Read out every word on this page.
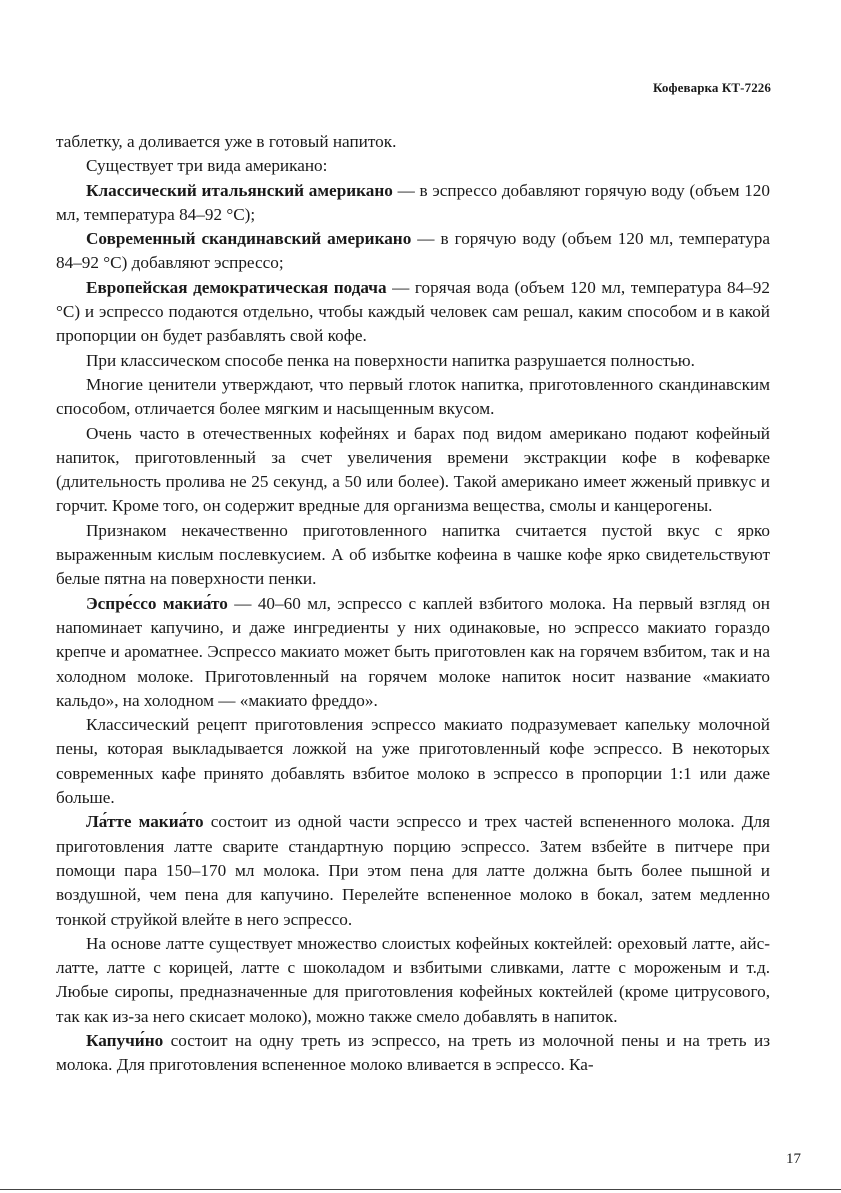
Кофеварка КТ-7226

таблетку, а доливается уже в готовый напиток.

Существует три вида американо:

Классический итальянский американо — в эспрессо добавляют горячую воду (объем 120 мл, температура 84–92 °С);

Современный скандинавский американо — в горячую воду (объем 120 мл, температура 84–92 °С) добавляют эспрессо;

Европейская демократическая подача — горячая вода (объем 120 мл, температура 84–92 °С) и эспрессо подаются отдельно, чтобы каждый человек сам решал, каким способом и в какой пропорции он будет разбавлять свой кофе.

При классическом способе пенка на поверхности напитка разрушается полностью.

Многие ценители утверждают, что первый глоток напитка, приготовленного скандинавским способом, отличается более мягким и насыщенным вкусом.

Очень часто в отечественных кофейнях и барах под видом американо подают кофейный напиток, приготовленный за счет увеличения времени экстракции кофе в кофеварке (длительность пролива не 25 секунд, а 50 или более). Такой американо имеет жженый привкус и горчит. Кроме того, он содержит вредные для организма вещества, смолы и канцерогены.

Признаком некачественно приготовленного напитка считается пустой вкус с ярко выраженным кислым послевкусием. А об избытке кофеина в чашке кофе ярко свидетельствуют белые пятна на поверхности пенки.

Эспре́ссо макиа́то — 40–60 мл, эспрессо с каплей взбитого молока. На первый взгляд он напоминает капучино, и даже ингредиенты у них одинаковые, но эспрессо макиато гораздо крепче и ароматнее. Эспрессо макиато может быть приготовлен как на горячем взбитом, так и на холодном молоке. Приготовленный на горячем молоке напиток носит название «макиато кальдо», на холодном — «макиато фреддо».

Классический рецепт приготовления эспрессо макиато подразумевает капельку молочной пены, которая выкладывается ложкой на уже приготовленный кофе эспрессо. В некоторых современных кафе принято добавлять взбитое молоко в эспрессо в пропорции 1:1 или даже больше.

Ла́тте макиа́то состоит из одной части эспрессо и трех частей вспененного молока. Для приготовления латте сварите стандартную порцию эспрессо. Затем взбейте в питчере при помощи пара 150–170 мл молока. При этом пена для латте должна быть более пышной и воздушной, чем пена для капучино. Перелейте вспененное молоко в бокал, затем медленно тонкой струйкой влейте в него эспрессо.

На основе латте существует множество слоистых кофейных коктейлей: ореховый латте, айс-латте, латте с корицей, латте с шоколадом и взбитыми сливками, латте с мороженым и т.д. Любые сиропы, предназначенные для приготовления кофейных коктейлей (кроме цитрусового, так как из-за него скисает молоко), можно также смело добавлять в напиток.

Капучи́но состоит на одну треть из эспрессо, на треть из молочной пены и на треть из молока. Для приготовления вспененное молоко вливается в эспрессо. Ка-

17
